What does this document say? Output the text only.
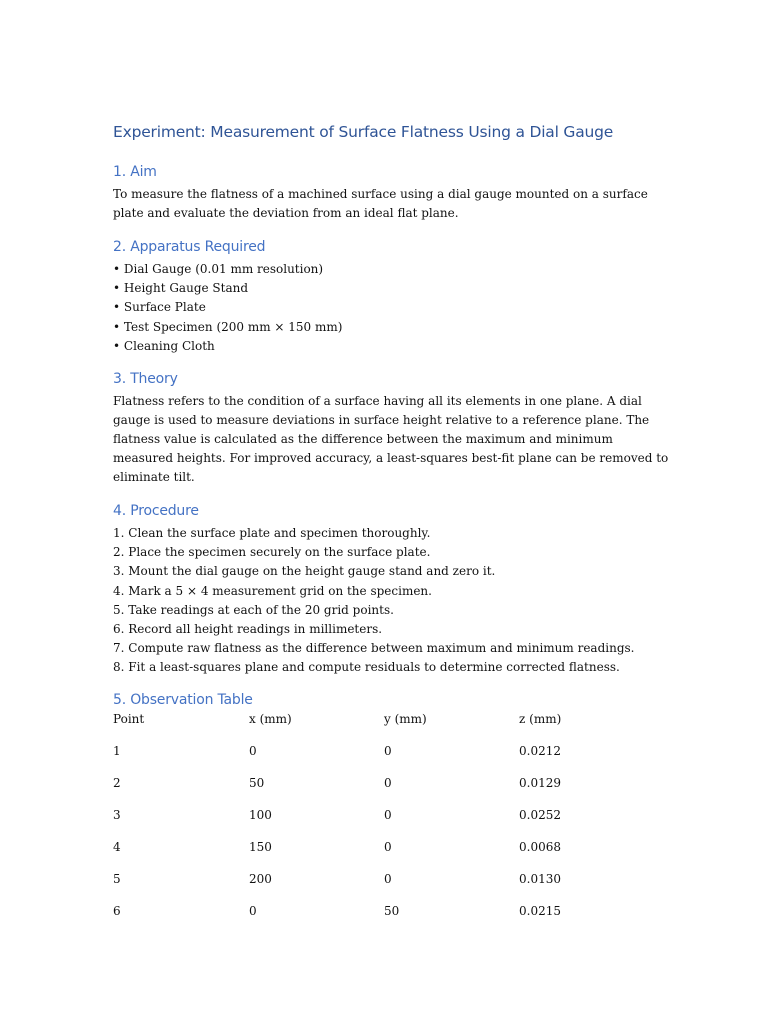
Experiment: Measurement of Surface Flatness Using a Dial Gauge
1. Aim

To measure the flatness of a machined surface using a dial gauge mounted on a surface plate and evaluate the deviation from an ideal flat plane.

2. Apparatus Required
• Dial Gauge (0.01 mm resolution)
• Height Gauge Stand
• Surface Plate
• Test Specimen (200 mm × 150 mm)
• Cleaning Cloth
3. Theory

Flatness refers to the condition of a surface having all its elements in one plane. A dial gauge is used to measure deviations in surface height relative to a reference plane. The flatness value is calculated as the difference between the maximum and minimum measured heights. For improved accuracy, a least-squares best-fit plane can be removed to eliminate tilt.

4. Procedure
1. Clean the surface plate and specimen thoroughly.
2. Place the specimen securely on the surface plate.
3. Mount the dial gauge on the height gauge stand and zero it.
4. Mark a 5 × 4 measurement grid on the specimen.
5. Take readings at each of the 20 grid points.
6. Record all height readings in millimeters.
7. Compute raw flatness as the difference between maximum and minimum readings.
8. Fit a least-squares plane and compute residuals to determine corrected flatness.
5. Observation Table
Point	x (mm)	y (mm)	z (mm)
1	0	0	0.0212
2	50	0	0.0129
3	100	0	0.0252
4	150	0	0.0068
5	200	0	0.0130
6	0	50	0.0215
